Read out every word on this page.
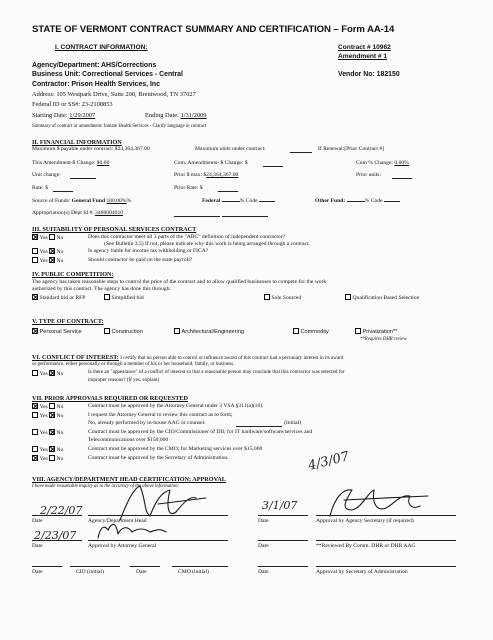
STATE OF VERMONT CONTRACT SUMMARY AND CERTIFICATION – Form AA-14
I. CONTRACT INFORMATION:	Contract # 10962
Amendment # 1
Agency/Department: AHS/Corrections
Business Unit: Correctional Services - Central	Vendor No: 182150
Contractor: Prison Health Services, Inc
Address: 105 Westpark Drive, Suite 200, Brentwood, TN 37027
Federal ID or SS#: 23-2108853
Starting Date: 1/29/2007	Ending Date: 1/31/2009
Summary of contract or amendment: Inmate Health Services - Clarify language in contract
II. FINANCIAL INFORMATION
Maximum $ payable under contract: $24,364,367.00	Maximum units under contract:	If Renewal:[Prior Contract #]
This Amendment-$ Change: $0.00	Cum. Amendments- $ Change: $	Cum % Change: 0.00%
Unit change:	Prior $ max: $24,364,367.00	Prior units:
Rate: $	Prior Rate: $
Source of Funds: General Fund 100.00%%	Federal	% Code	Other Fund:	% Code
Appropriation(s) Dept Id #: 3480004010
III. SUITABILITY OF PERSONAL SERVICES CONTRACT
Yes No	Does this contractor meet all 3 parts of the "ABC" definition of independent contractor?
(See Bulletin 3.5) If not, please indicate why this work is being arranged through a contract.
Yes No	Is agency liable for income tax withholding or FICA?
Yes No	Should contractor be paid on the state payroll?
IV. PUBLIC COMPETITION:
The agency has taken reasonable steps to control the price of the contract and to allow qualified businesses to compete for the work
authorized by this contract. The agency has done this through:
Standard bid or RFP	Simplified bid	Sole Sourced	Qualification Based Selection
V. TYPE OF CONTRACT:
Personal Service	Construction	Architectural/Engineering	Commodity	Privatization**
**Requires DHR review
VI. CONFLICT OF INTEREST: I certify that no person able to control or influence award of this contract had a pecuniary interest in its award
or performance, either personally or through a member of his or her household, family, or business.
Yes No	Is there an "appearance" of a conflict of interest so that a reasonable person may conclude that this contractor was selected for
improper reasons? (If yes, explain)
VII. PRIOR APPROVALS REQUIRED OR REQUESTED
Yes No	Contract must be approved by the Attorney General under 3 VSA §311(a)(10).
Yes No	I request the Attorney General to review this contract as to form;
No, already performed by in-house AAG or counsel:	(Initial)
Yes No	Contract must be approved by the CIO/Commissioner of DII; for IT hardware/software/services and
Telecommunications over $150,000
Yes No	Contract must be approved by the CMO; for Marketing services over $15,000
Yes No	Contract must be approved by the Secretary of Administration.
VIII. AGENCY/DEPARTMENT HEAD CERTIFICATION; APPROVAL
I have made reasonable inquiry as to the accuracy of the above information:
2/22/07	3/1/07
Date	Agency/Department Head	Date	Approval by Agency Secretary (if required)
2/23/07
Date	Approval by Attorney General	Date	**Reviewed By Comm. DHR or DHR AAG
Date	CIO (initial)	Date	CMO (initial)	Date	Approval by Secretary of Administration
4/3/07
